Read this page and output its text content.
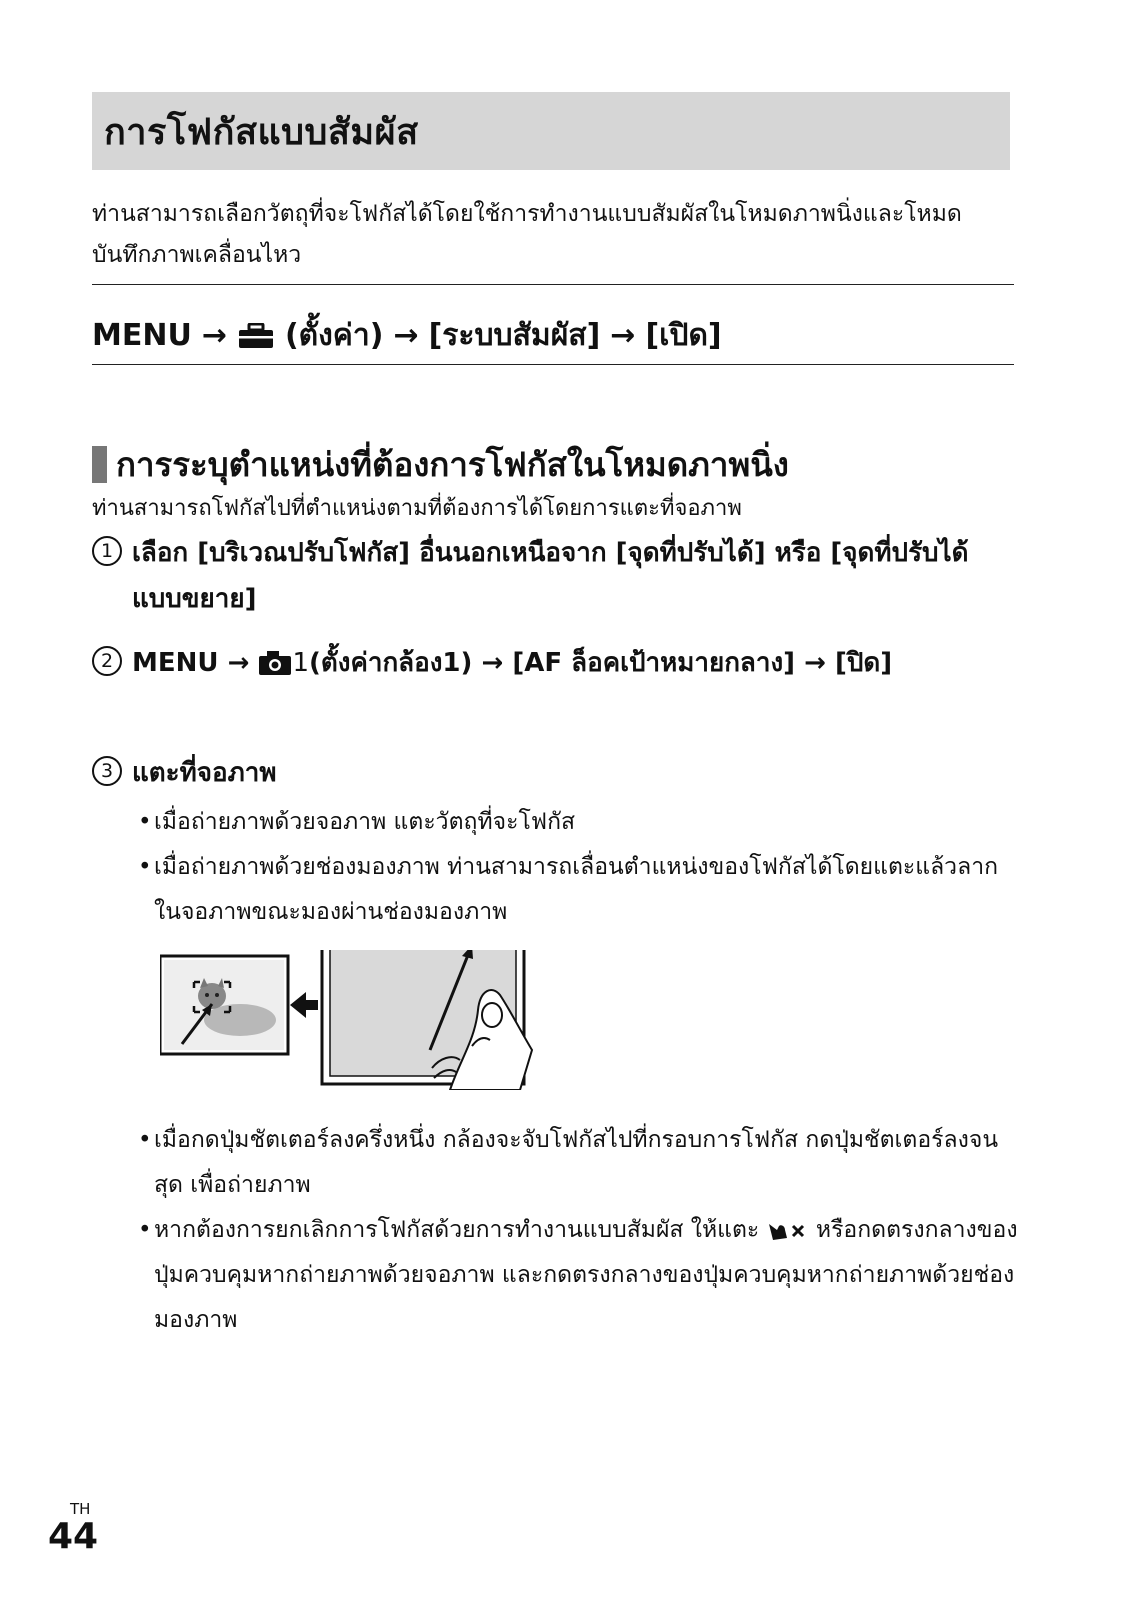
การโฟกัสแบบสัมผัส
ท่านสามารถเลือกวัตถุที่จะโฟกัสได้โดยใช้การทำงานแบบสัมผัสในโหมดภาพนิ่งและโหมดบันทึกภาพเคลื่อนไหว
MENU → (ตั้งค่า) → [ระบบสัมผัส] → [เปิด]
การระบุตำแหน่งที่ต้องการโฟกัสในโหมดภาพนิ่ง
ท่านสามารถโฟกัสไปที่ตำแหน่งตามที่ต้องการได้โดยการแตะที่จอภาพ
1 เลือก [บริเวณปรับโฟกัส] อื่นนอกเหนือจาก [จุดที่ปรับได้] หรือ [จุดที่ปรับได้แบบขยาย]
2 MENU
→
1 (ตั้งค่ากล้อง1)
→
[AF ล็อคเป้าหมายกลาง]
→
[ปิด]
3 แตะที่จอภาพ
• เมื่อถ่ายภาพด้วยจอภาพ แตะวัตถุที่จะโฟกัส
• เมื่อถ่ายภาพด้วยช่องมองภาพ ท่านสามารถเลื่อนตำแหน่งของโฟกัสได้โดยแตะแล้วลากในจอภาพขณะมองผ่านช่องมองภาพ
• เมื่อกดปุ่มชัตเตอร์ลงครึ่งหนึ่ง กล้องจะจับโฟกัสไปที่กรอบการโฟกัส กดปุ่มชัตเตอร์ลงจนสุด เพื่อถ่ายภาพ
• หากต้องการยกเลิกการโฟกัสด้วยการทำงานแบบสัมผัส ให้แตะ หรือกดตรงกลางของปุ่มควบคุมหากถ่ายภาพด้วยจอภาพ และกดตรงกลางของปุ่มควบคุมหากถ่ายภาพด้วยช่องมองภาพ
TH
44
